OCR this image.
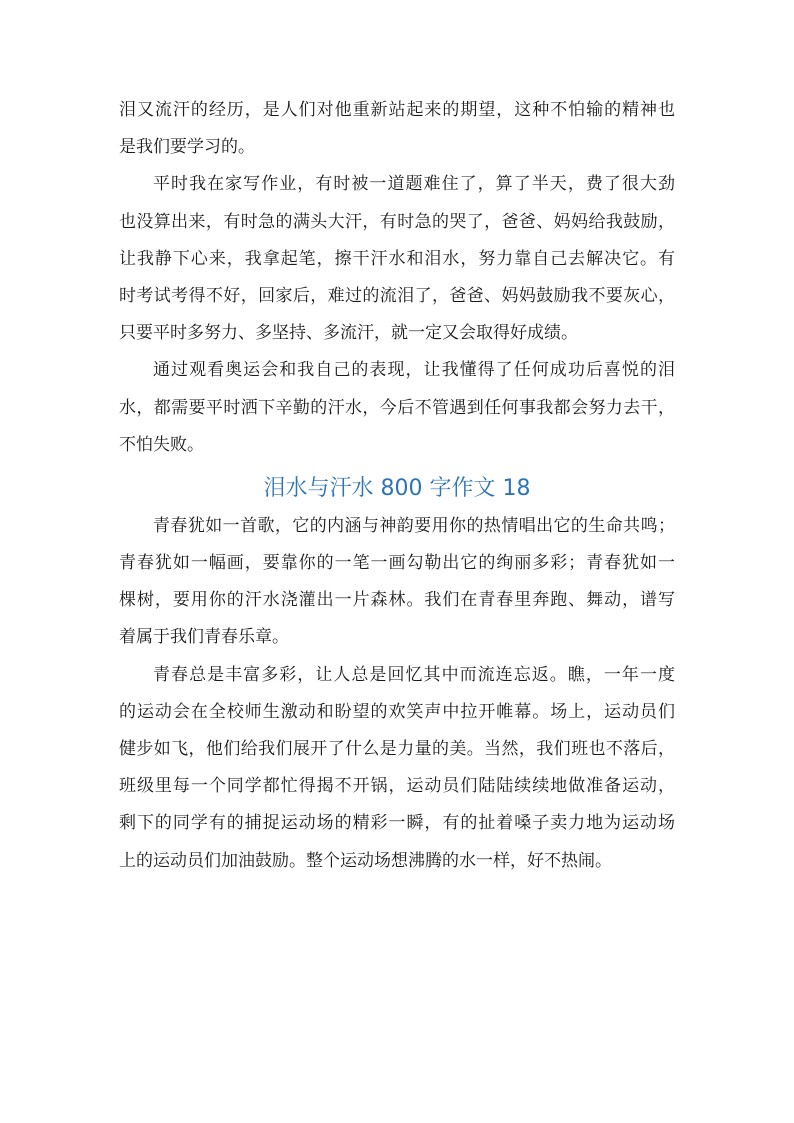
泪又流汗的经历，是人们对他重新站起来的期望，这种不怕输的精神也
是我们要学习的。
平时我在家写作业，有时被一道题难住了，算了半天，费了很大劲
也没算出来，有时急的满头大汗，有时急的哭了，爸爸、妈妈给我鼓励，
让我静下心来，我拿起笔，擦干汗水和泪水，努力靠自己去解决它。有
时考试考得不好，回家后，难过的流泪了，爸爸、妈妈鼓励我不要灰心，
只要平时多努力、多坚持、多流汗，就一定又会取得好成绩。
通过观看奥运会和我自己的表现，让我懂得了任何成功后喜悦的泪
水，都需要平时洒下辛勤的汗水，今后不管遇到任何事我都会努力去干，
不怕失败。
泪水与汗水 800 字作文 18
青春犹如一首歌，它的内涵与神韵要用你的热情唱出它的生命共鸣；
青春犹如一幅画，要靠你的一笔一画勾勒出它的绚丽多彩；青春犹如一
棵树，要用你的汗水浇灌出一片森林。我们在青春里奔跑、舞动，谱写
着属于我们青春乐章。
青春总是丰富多彩，让人总是回忆其中而流连忘返。瞧，一年一度
的运动会在全校师生激动和盼望的欢笑声中拉开帷幕。场上，运动员们
健步如飞，他们给我们展开了什么是力量的美。当然，我们班也不落后，
班级里每一个同学都忙得揭不开锅，运动员们陆陆续续地做准备运动，
剩下的同学有的捕捉运动场的精彩一瞬，有的扯着嗓子卖力地为运动场
上的运动员们加油鼓励。整个运动场想沸腾的水一样，好不热闹。
